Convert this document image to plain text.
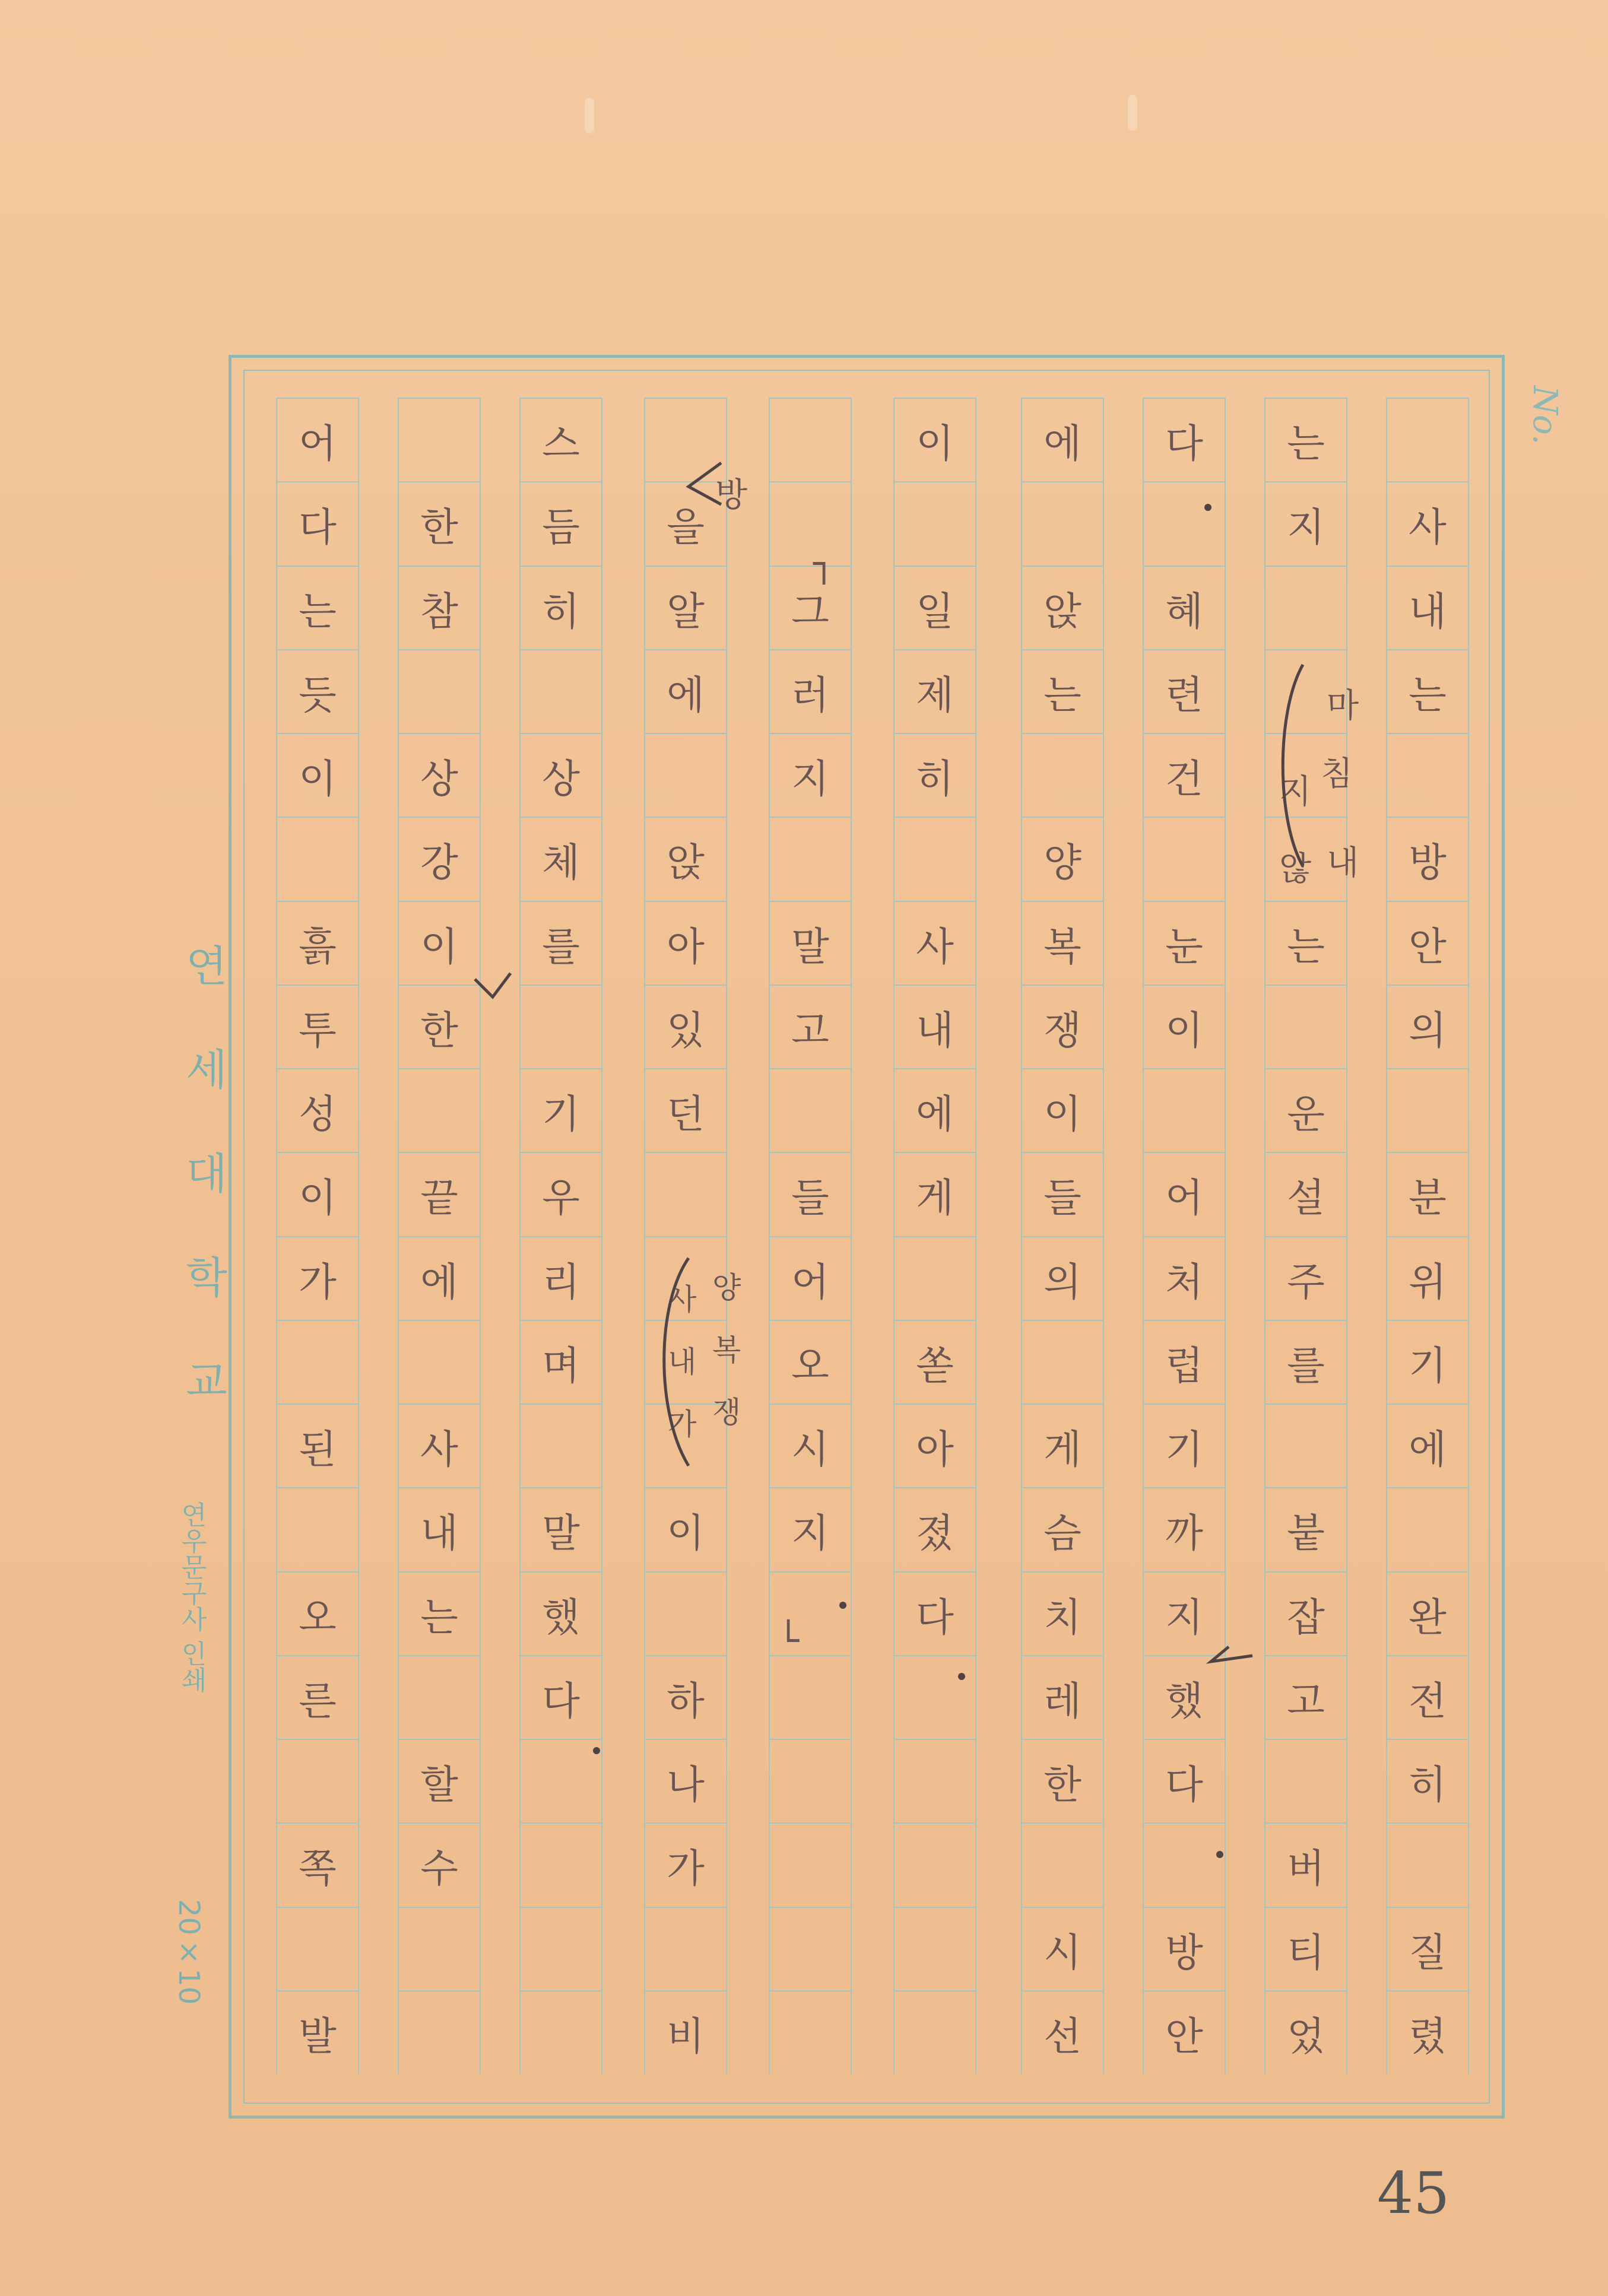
No.
사
내
는
방
안
의
분
위
기
에
완
전
히
질
렸
는
지
는
운
설
주
를
붙
잡
고
버
티
었
다
혜
련
건
눈
이
어
처
럽
기
까
지
했
다
방
안
에
앉
는
양
복
쟁
이
들
의
게
슴
치
레
한
시
선
이
일
제
히
사
내
에
게
쏟
아
졌
다
그
러
지
말
고
들
어
오
시
지
을
알
에
앉
아
있
던
이
하
나
가
비
스
듬
히
상
체
를
기
우
리
며
말
했
다
한
참
상
강
이
한
끝
에
사
내
는
할
수
어
다
는
듯
이
흙
투
성
이
가
된
오
른
쪽
발
연 세 대 학 교
연우문구사 인쇄
20×10
45
마
침
내
지
않
방
양
복
쟁
사
내
가
┐
└
